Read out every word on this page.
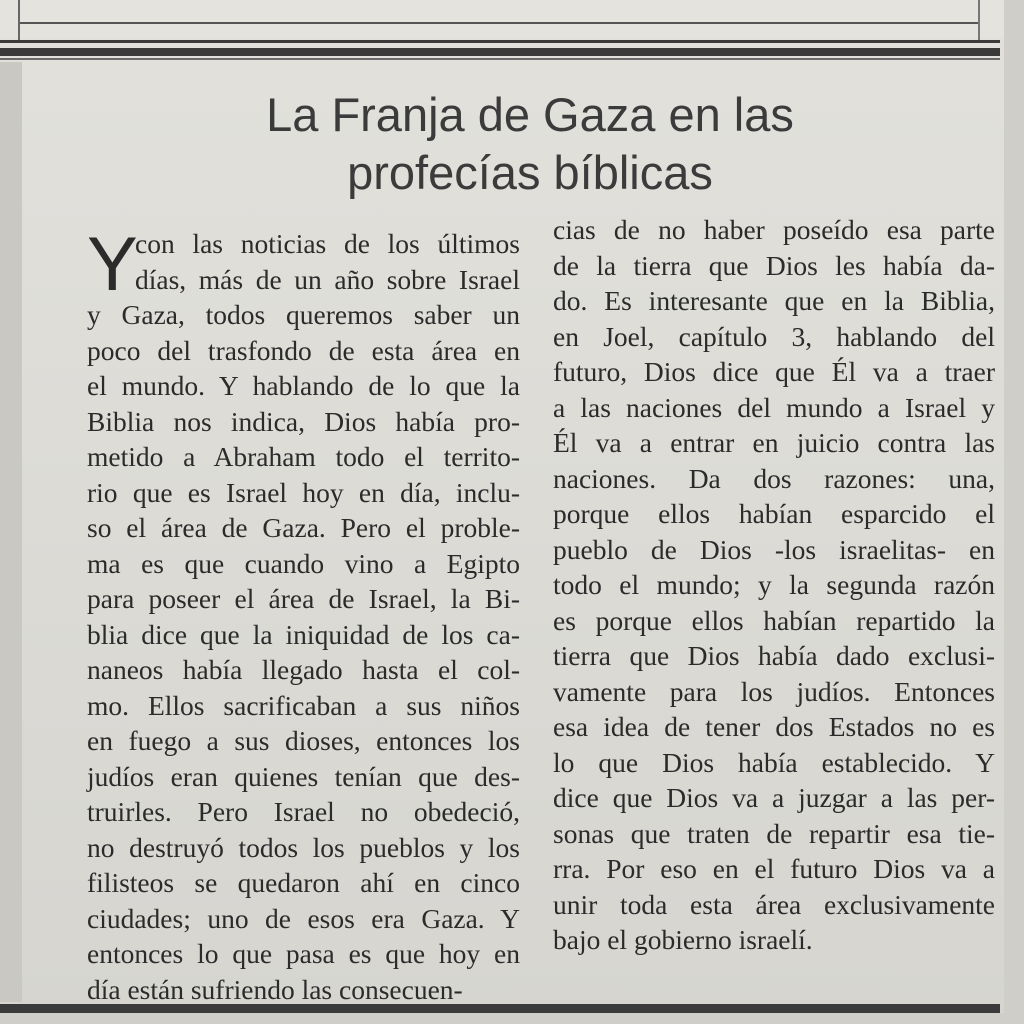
La Franja de Gaza en las
profecías bíblicas
Y
con las noticias de los últimos
días, más de un año sobre Israel
y Gaza, todos queremos saber un
poco del trasfondo de esta área en
el mundo. Y hablando de lo que la
Biblia nos indica, Dios había pro-
metido a Abraham todo el territo-
rio que es Israel hoy en día, inclu-
so el área de Gaza. Pero el proble-
ma es que cuando vino a Egipto
para poseer el área de Israel, la Bi-
blia dice que la iniquidad de los ca-
naneos había llegado hasta el col-
mo. Ellos sacrificaban a sus niños
en fuego a sus dioses, entonces los
judíos eran quienes tenían que des-
truirles. Pero Israel no obedeció,
no destruyó todos los pueblos y los
filisteos se quedaron ahí en cinco
ciudades; uno de esos era Gaza. Y
entonces lo que pasa es que hoy en
día están sufriendo las consecuen-
cias de no haber poseído esa parte
de la tierra que Dios les había da-
do. Es interesante que en la Biblia,
en Joel, capítulo 3, hablando del
futuro, Dios dice que Él va a traer
a las naciones del mundo a Israel y
Él va a entrar en juicio contra las
naciones. Da dos razones: una,
porque ellos habían esparcido el
pueblo de Dios -los israelitas- en
todo el mundo; y la segunda razón
es porque ellos habían repartido la
tierra que Dios había dado exclusi-
vamente para los judíos. Entonces
esa idea de tener dos Estados no es
lo que Dios había establecido. Y
dice que Dios va a juzgar a las per-
sonas que traten de repartir esa tie-
rra. Por eso en el futuro Dios va a
unir toda esta área exclusivamente
bajo el gobierno israelí.
